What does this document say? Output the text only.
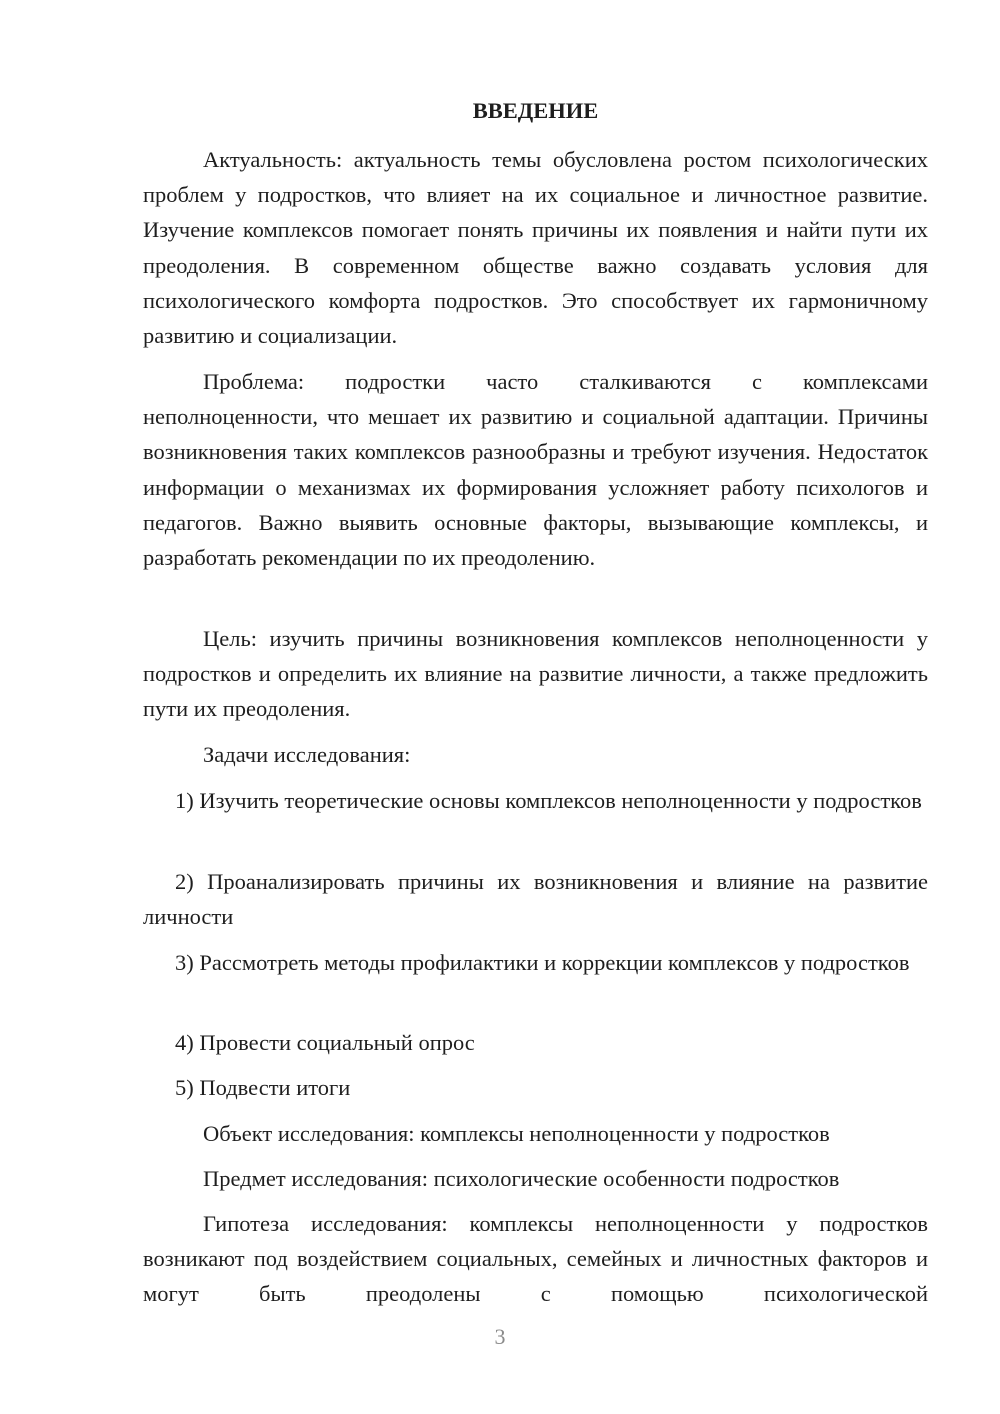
ВВЕДЕНИЕ

Актуальность: актуальность темы обусловлена ростом психологических проблем у подростков, что влияет на их социальное и личностное развитие. Изучение комплексов помогает понять причины их появления и найти пути их преодоления. В современном обществе важно создавать условия для психологического комфорта подростков. Это способствует их гармоничному развитию и социализации.

Проблема: подростки часто сталкиваются с комплексами неполноценности, что мешает их развитию и социальной адаптации. Причины возникновения таких комплексов разнообразны и требуют изучения. Недостаток информации о механизмах их формирования усложняет работу психологов и педагогов. Важно выявить основные факторы, вызывающие комплексы, и разработать рекомендации по их преодолению.

Цель: изучить причины возникновения комплексов неполноценности у подростков и определить их влияние на развитие личности, а также предложить пути их преодоления.

Задачи исследования:

1) Изучить теоретические основы комплексов неполноценности у подростков

2) Проанализировать причины их возникновения и влияние на развитие личности

3) Рассмотреть методы профилактики и коррекции комплексов у подростков

4) Провести социальный опрос

5) Подвести итоги

Объект исследования: комплексы неполноценности у подростков

Предмет исследования: психологические особенности подростков

Гипотеза исследования: комплексы неполноценности у подростков возникают под воздействием социальных, семейных и личностных факторов и могут быть преодолены с помощью психологической

3
